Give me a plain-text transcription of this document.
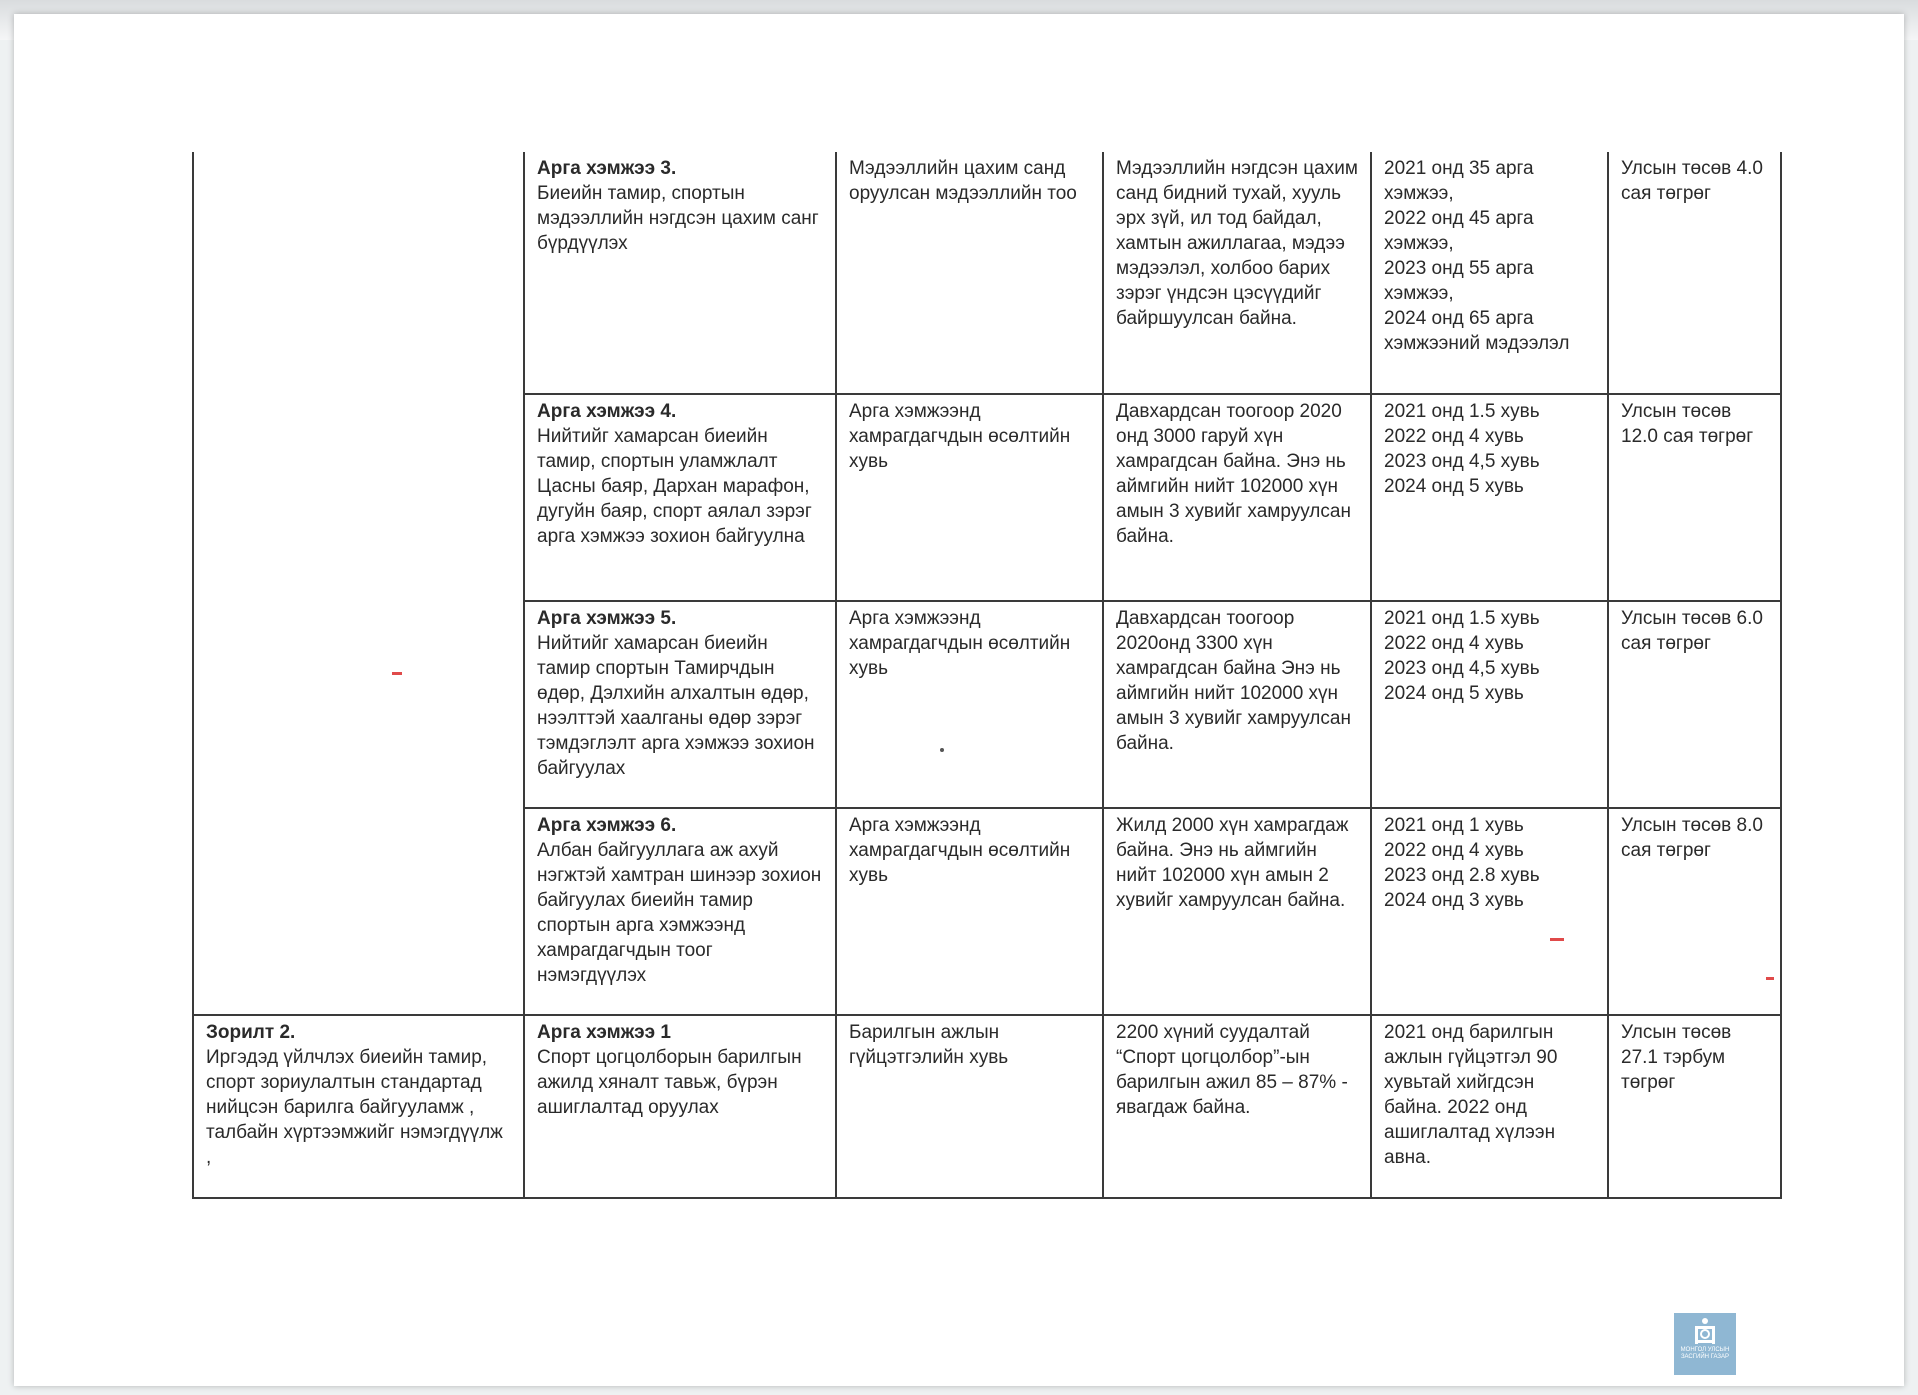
	Арга хэмжээ 3.
Биеийн тамир, спортын мэдээллийн нэгдсэн цахим санг бүрдүүлэх	Мэдээллийн цахим санд оруулсан мэдээллийн тоо	Мэдээллийн нэгдсэн цахим санд бидний тухай, хууль эрх зүй, ил тод байдал, хамтын ажиллагаа, мэдээ мэдээлэл, холбоо барих зэрэг үндсэн цэсүүдийг байршуулсан байна.	2021 онд 35 арга хэмжээ,
2022 онд 45 арга хэмжээ,
2023 онд 55 арга хэмжээ,
2024 онд 65 арга хэмжээний мэдээлэл	Улсын төсөв 4.0 сая төгрөг

	Арга хэмжээ 4.
Нийтийг хамарсан биеийн тамир, спортын уламжлалт Цасны баяр, Дархан марафон, дугуйн баяр, спорт аялал зэрэг арга хэмжээ зохион байгуулна	Арга хэмжээнд хамрагдагчдын өсөлтийн хувь	Давхардсан тоогоор 2020 онд 3000 гаруй хүн хамрагдсан байна. Энэ нь аймгийн нийт 102000 хүн амын 3 хувийг хамруулсан байна.	2021 онд 1.5 хувь
2022 онд 4 хувь
2023 онд 4,5 хувь
2024 онд 5 хувь	Улсын төсөв 12.0 сая төгрөг

	Арга хэмжээ 5.
Нийтийг хамарсан биеийн тамир спортын Тамирчдын өдөр, Дэлхийн алхалтын өдөр, нээлттэй хаалганы өдөр зэрэг тэмдэглэлт арга хэмжээ зохион байгуулах	Арга хэмжээнд хамрагдагчдын өсөлтийн хувь	Давхардсан тоогоор 2020онд 3300 хүн хамрагдсан байна Энэ нь аймгийн нийт 102000 хүн амын 3 хувийг хамруулсан байна.	2021 онд 1.5 хувь
2022 онд 4 хувь
2023 онд 4,5 хувь
2024 онд 5 хувь	Улсын төсөв 6.0 сая төгрөг

	Арга хэмжээ 6.
Албан байгууллага аж ахуй нэгжтэй хамтран шинээр зохион байгуулах биеийн тамир
спортын арга хэмжээнд хамрагдагчдын тоог нэмэгдүүлэх	Арга хэмжээнд хамрагдагчдын өсөлтийн хувь	Жилд 2000 хүн хамрагдаж байна. Энэ нь аймгийн нийт 102000 хүн амын 2 хувийг хамруулсан байна.	2021 онд 1 хувь
2022 онд 4 хувь
2023 онд 2.8 хувь
2024 онд 3 хувь	Улсын төсөв 8.0 сая төгрөг

Зорилт 2.
Иргэдэд үйлчлэх биеийн тамир, спорт зориулалтын стандартад нийцсэн барилга байгууламж , талбайн хүртээмжийг нэмэгдүүлж ,	Арга хэмжээ 1
Спорт цогцолборын барилгын ажилд хяналт тавьж, бүрэн ашиглалтад оруулах	Барилгын ажлын гүйцэтгэлийн хувь	2200 хүний суудалтай “Спорт цогцолбор”-ын барилгын ажил 85 – 87% - явагдаж байна.	2021 онд барилгын ажлын гүйцэтгэл 90 хувьтай хийгдсэн байна. 2022 онд ашиглалтад хүлээн авна.	Улсын төсөв 27.1 тэрбум төгрөг
МОНГОЛ УЛСЫН
ЗАСГИЙН ГАЗАР
